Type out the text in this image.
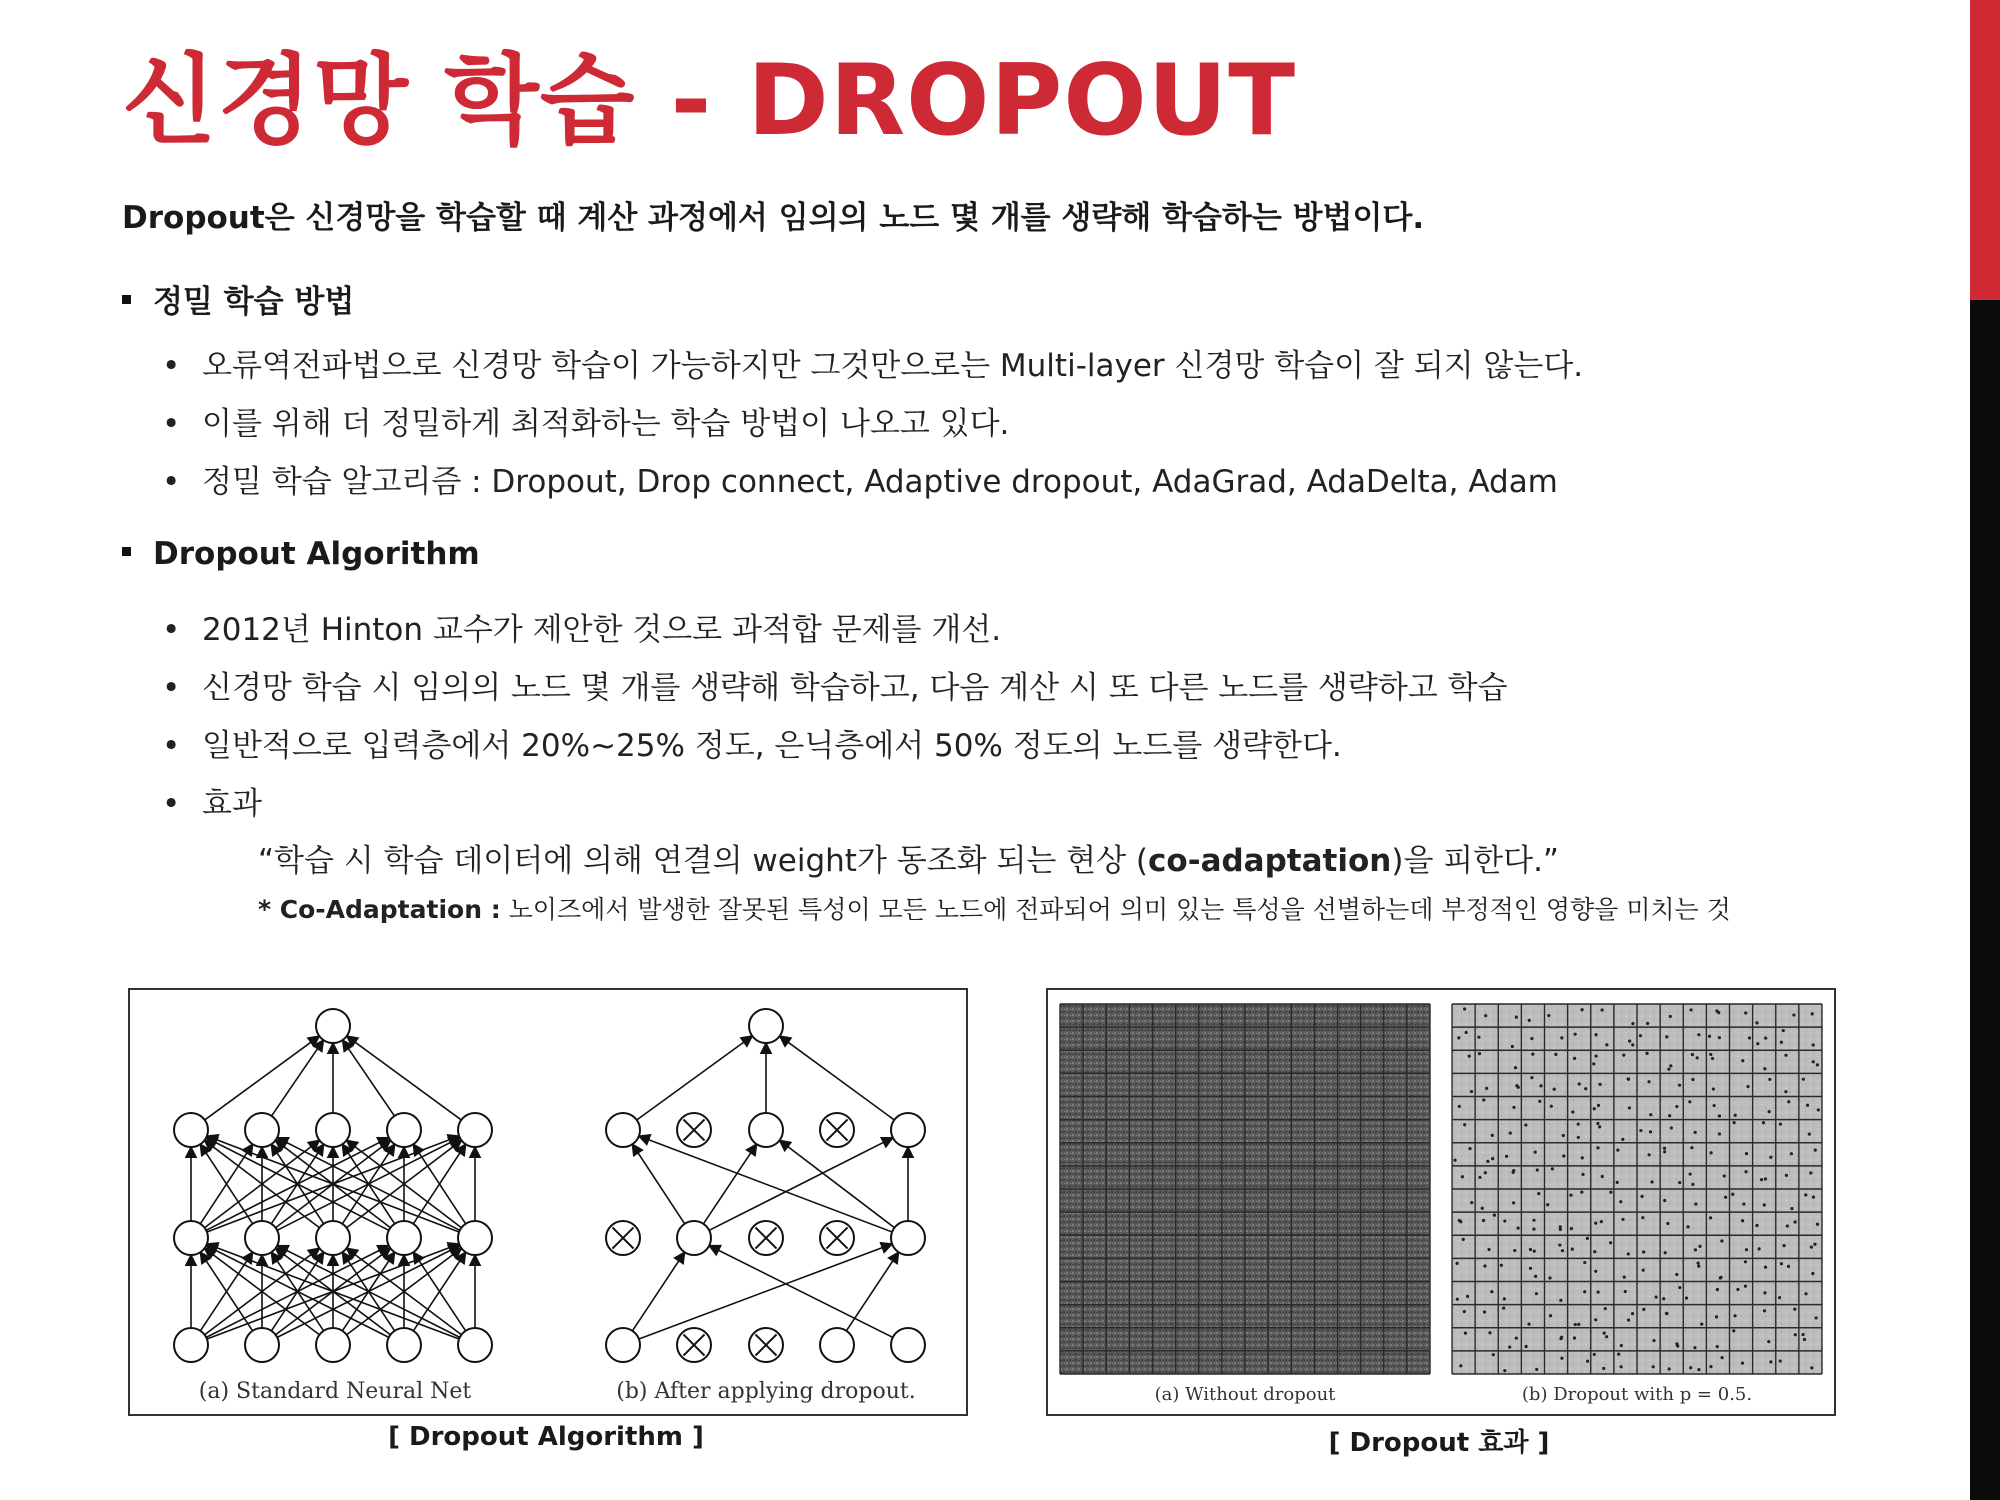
신경망 학습 - DROPOUT

Dropout은 신경망을 학습할 때 계산 과정에서 임의의 노드 몇 개를 생략해 학습하는 방법이다.

정밀 학습 방법

• 오류역전파법으로 신경망 학습이 가능하지만 그것만으로는 Multi-layer 신경망 학습이 잘 되지 않는다.

• 이를 위해 더 정밀하게 최적화하는 학습 방법이 나오고 있다.

• 정밀 학습 알고리즘 : Dropout, Drop connect, Adaptive dropout, AdaGrad, AdaDelta, Adam

Dropout Algorithm

• 2012년 Hinton 교수가 제안한 것으로 과적합 문제를 개선.

• 신경망 학습 시 임의의 노드 몇 개를 생략해 학습하고, 다음 계산 시 또 다른 노드를 생략하고 학습

• 일반적으로 입력층에서 20%~25% 정도, 은닉층에서 50% 정도의 노드를 생략한다.

• 효과

“학습 시 학습 데이터에 의해 연결의 weight가 동조화 되는 현상 (co-adaptation)을 피한다.”

* Co-Adaptation : 노이즈에서 발생한 잘못된 특성이 모든 노드에 전파되어 의미 있는 특성을 선별하는데 부정적인 영향을 미치는 것

(a) Standard Neural Net	(b) After applying dropout.
[ Dropout Algorithm ]
(a) Without dropout	(b) Dropout with p = 0.5.
[ Dropout 효과 ]
